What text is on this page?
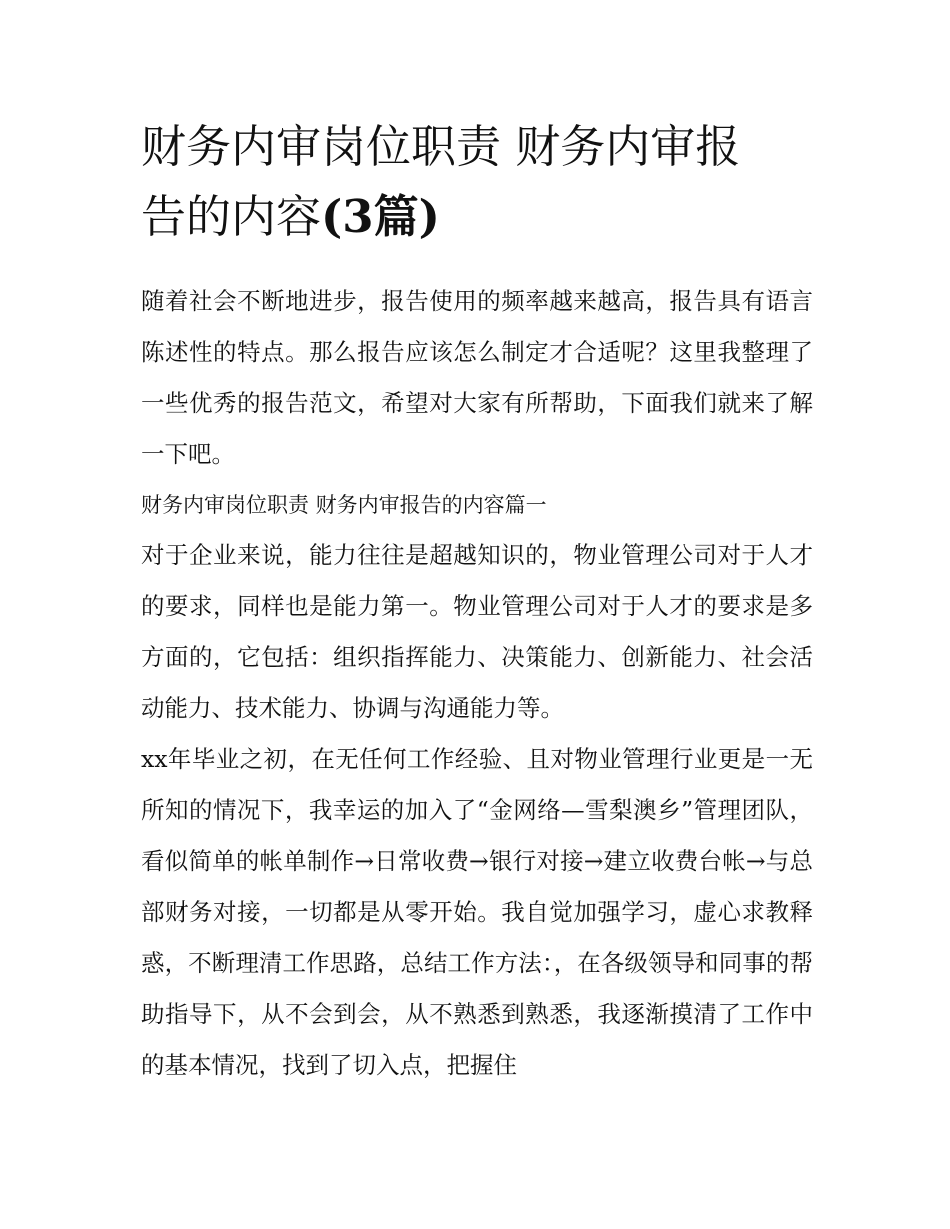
财务内审岗位职责 财务内审报
告的内容(3篇)

随着社会不断地进步，报告使用的频率越来越高，报告具有语言陈述性的特点。那么报告应该怎么制定才合适呢？这里我整理了一些优秀的报告范文，希望对大家有所帮助，下面我们就来了解一下吧。

财务内审岗位职责 财务内审报告的内容篇一

对于企业来说，能力往往是超越知识的，物业管理公司对于人才的要求，同样也是能力第一。物业管理公司对于人才的要求是多方面的，它包括：组织指挥能力、决策能力、创新能力、社会活动能力、技术能力、协调与沟通能力等。

xx年毕业之初，在无任何工作经验、且对物业管理行业更是一无所知的情况下，我幸运的加入了“金网络—雪梨澳乡”管理团队，看似简单的帐单制作→日常收费→银行对接→建立收费台帐→与总部财务对接，一切都是从零开始。我自觉加强学习，虚心求教释惑，不断理清工作思路，总结工作方法：，在各级领导和同事的帮助指导下，从不会到会，从不熟悉到熟悉，我逐渐摸清了工作中的基本情况，找到了切入点，把握住
